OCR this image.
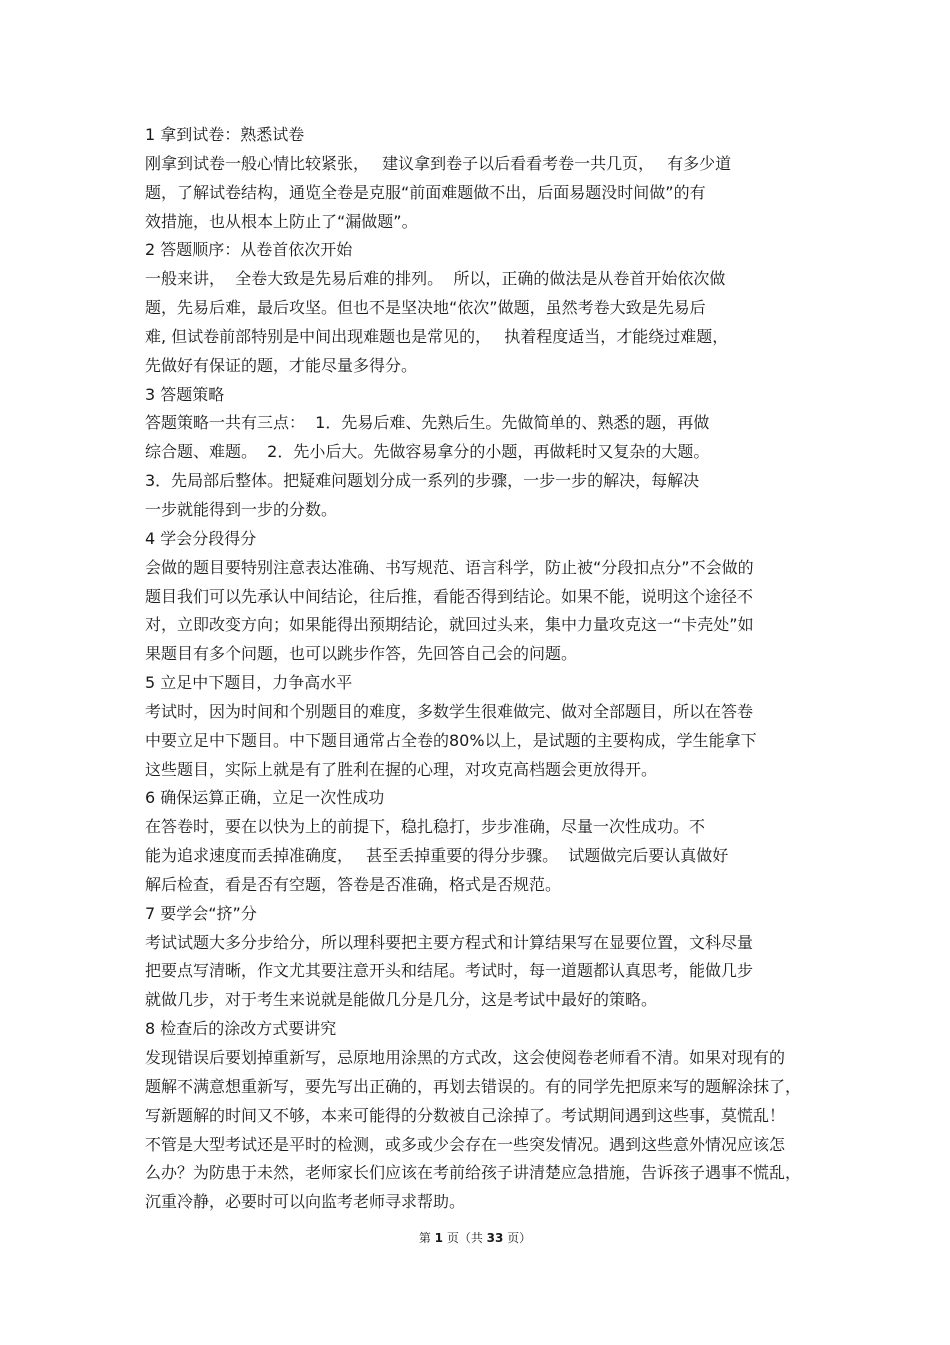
1 拿到试卷：熟悉试卷
刚拿到试卷一般心情比较紧张，　 建议拿到卷子以后看看考卷一共几页，　 有多少道
题，了解试卷结构，通览全卷是克服“前面难题做不出，后面易题没时间做”的有
效措施，也从根本上防止了“漏做题”。
2 答题顺序：从卷首依次开始
一般来讲，  全卷大致是先易后难的排列。  所以，正确的做法是从卷首开始依次做
题，先易后难，最后攻坚。但也不是坚决地“依次”做题，虽然考卷大致是先易后
难, 但试卷前部特别是中间出现难题也是常见的，　 执着程度适当，才能绕过难题，
先做好有保证的题，才能尽量多得分。
3 答题策略
答题策略一共有三点：  1．先易后难、先熟后生。先做简单的、熟悉的题，再做
综合题、难题。  2．先小后大。先做容易拿分的小题，再做耗时又复杂的大题。
3．先局部后整体。把疑难问题划分成一系列的步骤，一步一步的解决，每解决
一步就能得到一步的分数。
4 学会分段得分
会做的题目要特别注意表达准确、书写规范、语言科学，防止被“分段扣点分”不会做的
题目我们可以先承认中间结论，往后推，看能否得到结论。如果不能，说明这个途径不
对，立即改变方向；如果能得出预期结论，就回过头来，集中力量攻克这一“卡壳处”如
果题目有多个问题，也可以跳步作答，先回答自己会的问题。
5 立足中下题目，力争高水平
考试时，因为时间和个别题目的难度，多数学生很难做完、做对全部题目，所以在答卷
中要立足中下题目。中下题目通常占全卷的80%以上，是试题的主要构成，学生能拿下
这些题目，实际上就是有了胜利在握的心理，对攻克高档题会更放得开。
6 确保运算正确，立足一次性成功
在答卷时，要在以快为上的前提下，稳扎稳打，步步准确，尽量一次性成功。不
能为追求速度而丢掉准确度，　 甚至丢掉重要的得分步骤。  试题做完后要认真做好
解后检查，看是否有空题，答卷是否准确，格式是否规范。
7 要学会“挤”分
考试试题大多分步给分，所以理科要把主要方程式和计算结果写在显要位置，文科尽量
把要点写清晰，作文尤其要注意开头和结尾。考试时，每一道题都认真思考，能做几步
就做几步，对于考生来说就是能做几分是几分，这是考试中最好的策略。
8 检查后的涂改方式要讲究
发现错误后要划掉重新写，忌原地用涂黑的方式改，这会使阅卷老师看不清。如果对现有的
题解不满意想重新写，要先写出正确的，再划去错误的。有的同学先把原来写的题解涂抹了，
写新题解的时间又不够，本来可能得的分数被自己涂掉了。考试期间遇到这些事，莫慌乱！
不管是大型考试还是平时的检测，或多或少会存在一些突发情况。遇到这些意外情况应该怎
么办？为防患于未然，老师家长们应该在考前给孩子讲清楚应急措施，告诉孩子遇事不慌乱，
沉重冷静，必要时可以向监考老师寻求帮助。
第 1 页（共 33 页）
